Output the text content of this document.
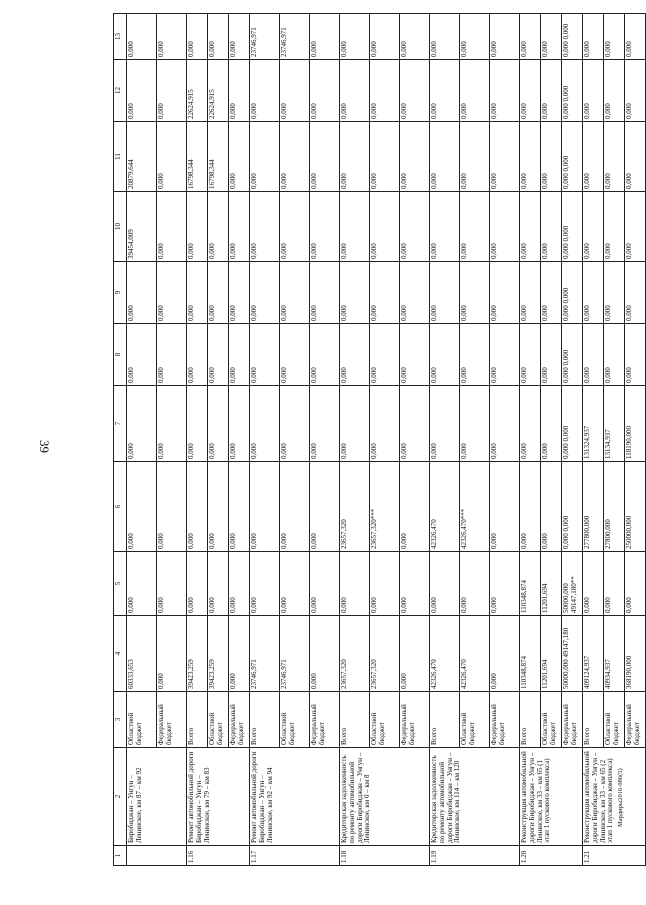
39
Мардиры2016-986(5)
1	2	3	4	5	6	7	8	9	10	11	12	13
	Биробиджан – Унгун – Ленинское, км 87 – км 92	Областной бюджет	60333,653	0,000	0,000	0,000	0,000	0,000	39454,009	20879,644	0,000	0,000
		Федеральный бюджет	0,000	0,000	0,000	0,000	0,000	0,000	0,000	0,000	0,000	0,000
1.16	Ремонт автомобильной дороги Биробиджан – Унгун – Ленинское, км 79 – км 83	Всего	39423,259	0,000	0,000	0,000	0,000	0,000	0,000	16798,344	22624,915	0,000
		Областной бюджет	39423,259	0,000	0,000	0,000	0,000	0,000	0,000	16798,344	22624,915	0,000
		Федеральный бюджет	0,000	0,000	0,000	0,000	0,000	0,000	0,000	0,000	0,000	0,000
1.17	Ремонт автомобильной дороги Биробиджан – Унгун – Ленинское, км 92 – км 94	Всего	23746,971	0,000	0,000	0,000	0,000	0,000	0,000	0,000	0,000	23746,971
		Областной бюджет	23746,971	0,000	0,000	0,000	0,000	0,000	0,000	0,000	0,000	23746,971
		Федеральный бюджет	0,000	0,000	0,000	0,000	0,000	0,000	0,000	0,000	0,000	0,000
1.18	Кредиторская задолженность по ремонту автомобильной дороги Биробиджан – Унгун – Ленинское, км 0 – км 8	Всего	23657,320	0,000	23657,320	0,000	0,000	0,000	0,000	0,000	0,000	0,000
		Областной бюджет	23657,320	0,000	23657,320***	0,000	0,000	0,000	0,000	0,000	0,000	0,000
		Федеральный бюджет	0,000	0,000	0,000	0,000	0,000	0,000	0,000	0,000	0,000	0,000
1.19	Кредиторская задолженность по ремонту автомобильной дороги Биробиджан – Унгун – Ленинское, км 114 – км 120	Всего	42326,470	0,000	42326,470	0,000	0,000	0,000	0,000	0,000	0,000	0,000
		Областной бюджет	42326,470	0,000	42326,470***	0,000	0,000	0,000	0,000	0,000	0,000	0,000
		Федеральный бюджет	0,000	0,000	0,000	0,000	0,000	0,000	0,000	0,000	0,000	0,000
1.20	Реконструкция автомобильной дороги Биробиджан – Унгун – Ленинское, км 33 – км 65 (1 этап 1 пускового комплекса)	Всего	110348,874	110348,874	0,000	0,000	0,000	0,000	0,000	0,000	0,000	0,000
		Областной бюджет	11201,694	11201,694	0,000	0,000	0,000	0,000	0,000	0,000	0,000	0,000
		Федеральный бюджет	50000,000 49147,180	50000,000 49147,180**	0,000 0,000	0,000 0,000	0,000 0,000	0,000 0,000	0,000 0,000	0,000 0,000	0,000 0,000	0,000 0,000
1.21	Реконструкция автомобильной дороги Биробиджан – Унгун – Ленинское, км 33 – км 65 (2 этап 1 пускового комплекса)	Всего	409124,937	0,000	277800,000	131324,937	0,000	0,000	0,000	0,000	0,000	0,000
		Областной бюджет	40934,937	0,000	27800,000	13134,937	0,000	0,000	0,000	0,000	0,000	0,000
		Федеральный бюджет	368190,000	0,000	250000,000	118190,000	0,000	0,000	0,000	0,000	0,000	0,000
